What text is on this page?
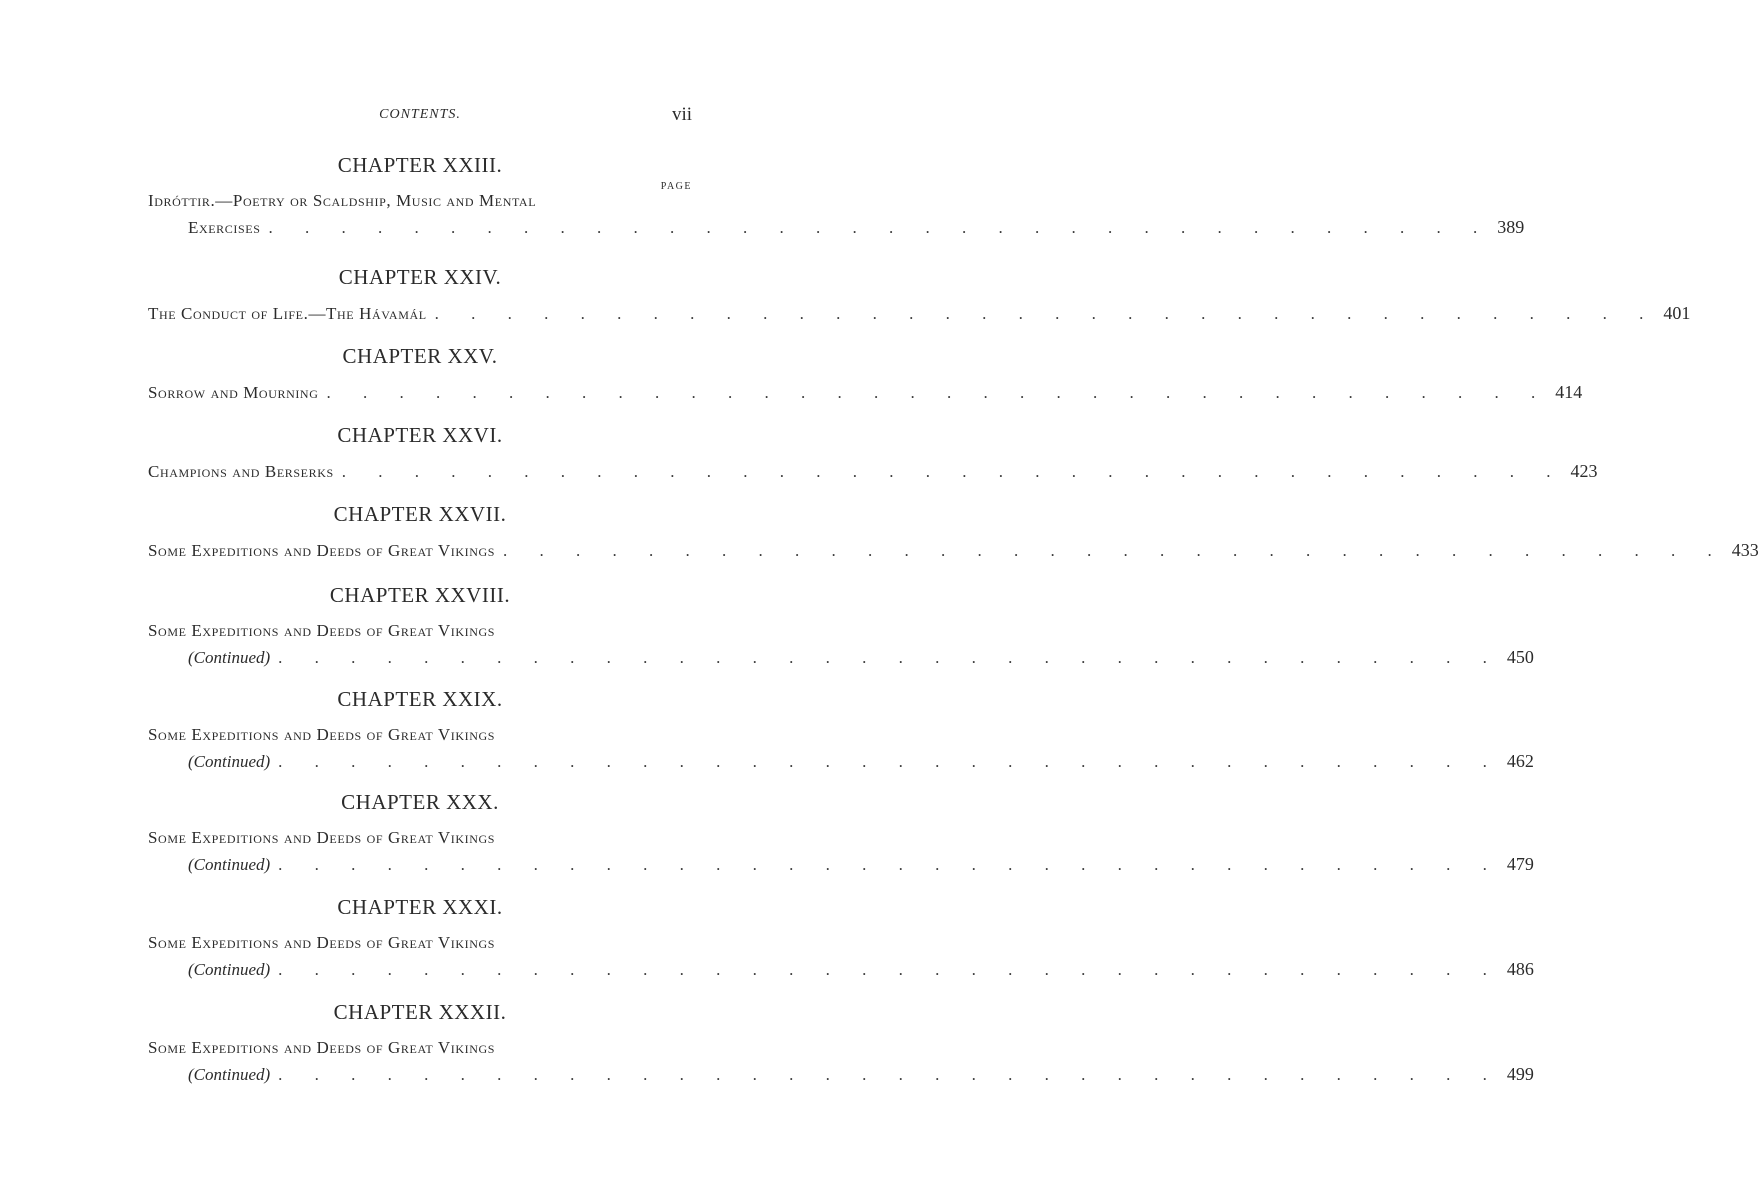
CONTENTS.	vii
PAGE
CHAPTER XXIII.
Idróttir.—Poetry or Scaldship, Music and Mental
Exercises . . . . . . . . . . . . . . . . . . . . . . . . . . . . . . . . . . 389
CHAPTER XXIV.
The Conduct of Life.—The Hávamál . . . . . . . . . . . . . . . . . . . . . . . . . . . . . . . . . . 401
CHAPTER XXV.
Sorrow and Mourning . . . . . . . . . . . . . . . . . . . . . . . . . . . . . . . . . . 414
CHAPTER XXVI.
Champions and Berserks . . . . . . . . . . . . . . . . . . . . . . . . . . . . . . . . . . 423
CHAPTER XXVII.
Some Expeditions and Deeds of Great Vikings . . . . . . . . . . . . . . . . . . . . . . . . . . . . . . . . . . 433
CHAPTER XXVIII.
Some Expeditions and Deeds of Great Vikings
(Continued) . . . . . . . . . . . . . . . . . . . . . . . . . . . . . . . . . . 450
CHAPTER XXIX.
Some Expeditions and Deeds of Great Vikings
(Continued) . . . . . . . . . . . . . . . . . . . . . . . . . . . . . . . . . . 462
CHAPTER XXX.
Some Expeditions and Deeds of Great Vikings
(Continued) . . . . . . . . . . . . . . . . . . . . . . . . . . . . . . . . . . 479
CHAPTER XXXI.
Some Expeditions and Deeds of Great Vikings
(Continued) . . . . . . . . . . . . . . . . . . . . . . . . . . . . . . . . . . 486
CHAPTER XXXII.
Some Expeditions and Deeds of Great Vikings
(Continued) . . . . . . . . . . . . . . . . . . . . . . . . . . . . . . . . . . 499
